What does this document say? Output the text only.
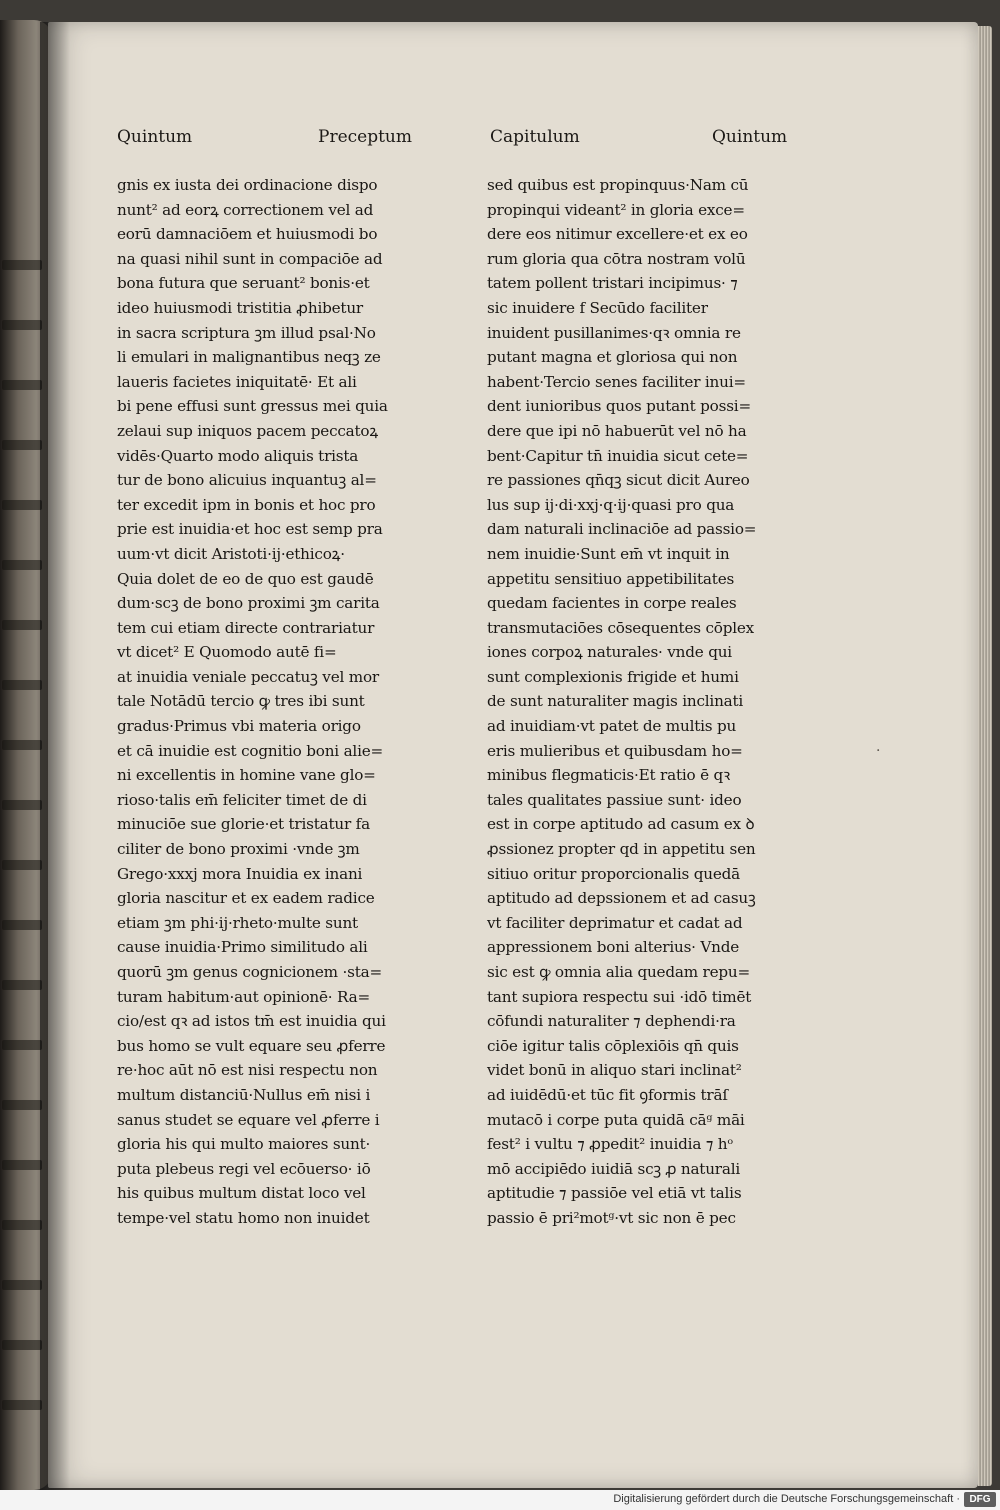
Quintum	Preceptum	Capitulum	Quintum
gnis ex iusta dei ordinacione dispo
nunt² ad eorꝝ correctionem vel ad
eorū damnaciōem et huiusmodi bo
na quasi nihil sunt in compaciōe ad
bona futura que seruant² bonis·et
ideo huiusmodi tristitia ꝓhibetur
in sacra scriptura ꝫm illud psal·No
li emulari in malignantibus neqꝫ ze
laueris facietes iniquitatē· Et ali
bi pene effusi sunt gressus mei quia
zelaui sup iniquos pacem peccatoꝝ
vidēs·Quarto modo aliquis trista
tur de bono alicuius inquantuꝫ al=
ter excedit ipm in bonis et hoc pro
prie est inuidia·et hoc est semp pra
uum·vt dicit Aristoti·ij·ethicoꝝ·
Quia dolet de eo de quo est gaudē
dum·scꝫ de bono proximi ꝫm carita
tem cui etiam directe contrariatur
vt dicet² E Quomodo autē fi=
at inuidia veniale peccatuꝫ vel mor
tale Notādū tercio ꝙ tres ibi sunt
gradus·Primus vbi materia origo
et cā inuidie est cognitio boni alie=
ni excellentis in homine vane glo=
rioso·talis em̄ feliciter timet de di
minuciōe sue glorie·et tristatur fa
ciliter de bono proximi ·vnde ꝫm
Grego·xxxj mora Inuidia ex inani
gloria nascitur et ex eadem radice
etiam ꝫm phi·ij·rheto·multe sunt
cause inuidia·Primo similitudo ali
quorū ꝫm genus cognicionem ·sta=
turam habitum·aut opinionē· Ra=
cio/est qꝛ ad istos tm̄ est inuidia qui
bus homo se vult equare seu ꝓferre
re·hoc aūt nō est nisi respectu non
multum distanciū·Nullus em̄ nisi i
sanus studet se equare vel ꝓferre i
gloria his qui multo maiores sunt·
puta plebeus regi vel ecōuerso· iō
his quibus multum distat loco vel
tempe·vel statu homo non inuidet
sed quibus est propinquus·Nam cū
propinqui videant² in gloria exce=
dere eos nitimur excellere·et ex eo
rum gloria qua cōtra nostram volū
tatem pollent tristari incipimus· ⁊
sic inuidere f Secūdo faciliter
inuident pusillanimes·qꝛ omnia re
putant magna et gloriosa qui non
habent·Tercio senes faciliter inui=
dent iunioribus quos putant possi=
dere que ipi nō habuerūt vel nō ha
bent·Capitur tn̄ inuidia sicut cete=
re passiones qn̄qꝫ sicut dicit Aureo
lus sup ij·di·xxj·q·ij·quasi pro qua
dam naturali inclinaciōe ad passio=
nem inuidie·Sunt em̄ vt inquit in
appetitu sensitiuo appetibilitates
quedam facientes in corpe reales
transmutaciōes cōsequentes cōplex
iones corpoꝝ naturales· vnde qui
sunt complexionis frigide et humi
de sunt naturaliter magis inclinati
ad inuidiam·vt patet de multis pu
eris mulieribus et quibusdam ho=
minibus flegmaticis·Et ratio ē qꝛ
tales qualitates passiue sunt· ideo
est in corpe aptitudo ad casum ex ꝺ
ꝓssionez propter qd in appetitu sen
sitiuo oritur proporcionalis quedā
aptitudo ad depssionem et ad casuꝫ
vt faciliter deprimatur et cadat ad
appressionem boni alterius· Vnde
sic est ꝙ omnia alia quedam repu=
tant supiora respectu sui ·idō timēt
cōfundi naturaliter ⁊ dephendi·ra
ciōe igitur talis cōplexiōis qn̄ quis
videt bonū in aliquo stari inclinat²
ad iuidēdū·et tūc fit ꝯformis trāſ
mutacō i corpe puta quidā cāᵍ māi
fest² i vultu ⁊ ꝓpedit² inuidia ⁊ hᵒ
mō accipiēdo iuidiā scꝫ ꝓ naturali
aptitudie ⁊ passiōe vel etiā vt talis
passio ē pri²motᵍ·vt sic non ē pec
·
Digitalisierung gefördert durch die Deutsche Forschungsgemeinschaft · DFG
